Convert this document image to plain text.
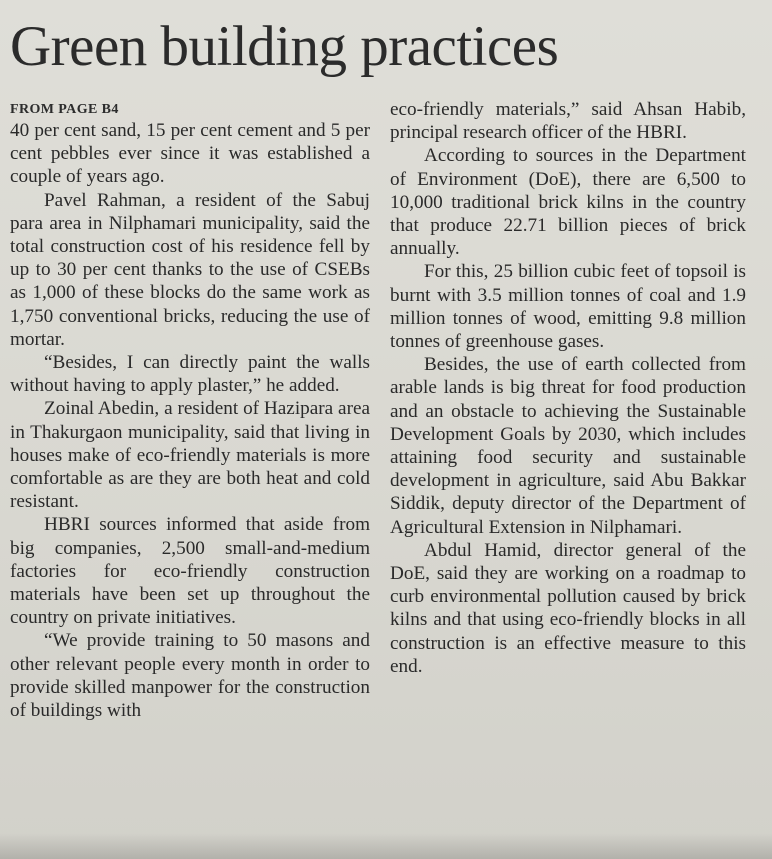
Green building practices
FROM PAGE B4

40 per cent sand, 15 per cent cement and 5 per cent pebbles ever since it was established a couple of years ago.

Pavel Rahman, a resident of the Sabuj para area in Nilphamari municipality, said the total construction cost of his residence fell by up to 30 per cent thanks to the use of CSEBs as 1,000 of these blocks do the same work as 1,750 conventional bricks, reducing the use of mortar.

“Besides, I can directly paint the walls without having to apply plaster,” he added.

Zoinal Abedin, a resident of Hazipara area in Thakurgaon municipality, said that living in houses make of eco-friendly materials is more comfortable as are they are both heat and cold resistant.

HBRI sources informed that aside from big companies, 2,500 small-and-medium factories for eco-friendly construction materials have been set up throughout the country on private initiatives.

“We provide training to 50 masons and other relevant people every month in order to provide skilled manpower for the construction of buildings with

eco-friendly materials,” said Ahsan Habib, principal research officer of the HBRI.

According to sources in the Department of Environment (DoE), there are 6,500 to 10,000 traditional brick kilns in the country that produce 22.71 billion pieces of brick annually.

For this, 25 billion cubic feet of topsoil is burnt with 3.5 million tonnes of coal and 1.9 million tonnes of wood, emitting 9.8 million tonnes of greenhouse gases.

Besides, the use of earth collected from arable lands is big threat for food production and an obstacle to achieving the Sustainable Development Goals by 2030, which includes attaining food security and sustainable development in agriculture, said Abu Bakkar Siddik, deputy director of the Department of Agricultural Extension in Nilphamari.

Abdul Hamid, director general of the DoE, said they are working on a roadmap to curb environmental pollution caused by brick kilns and that using eco-friendly blocks in all construction is an effective measure to this end.
